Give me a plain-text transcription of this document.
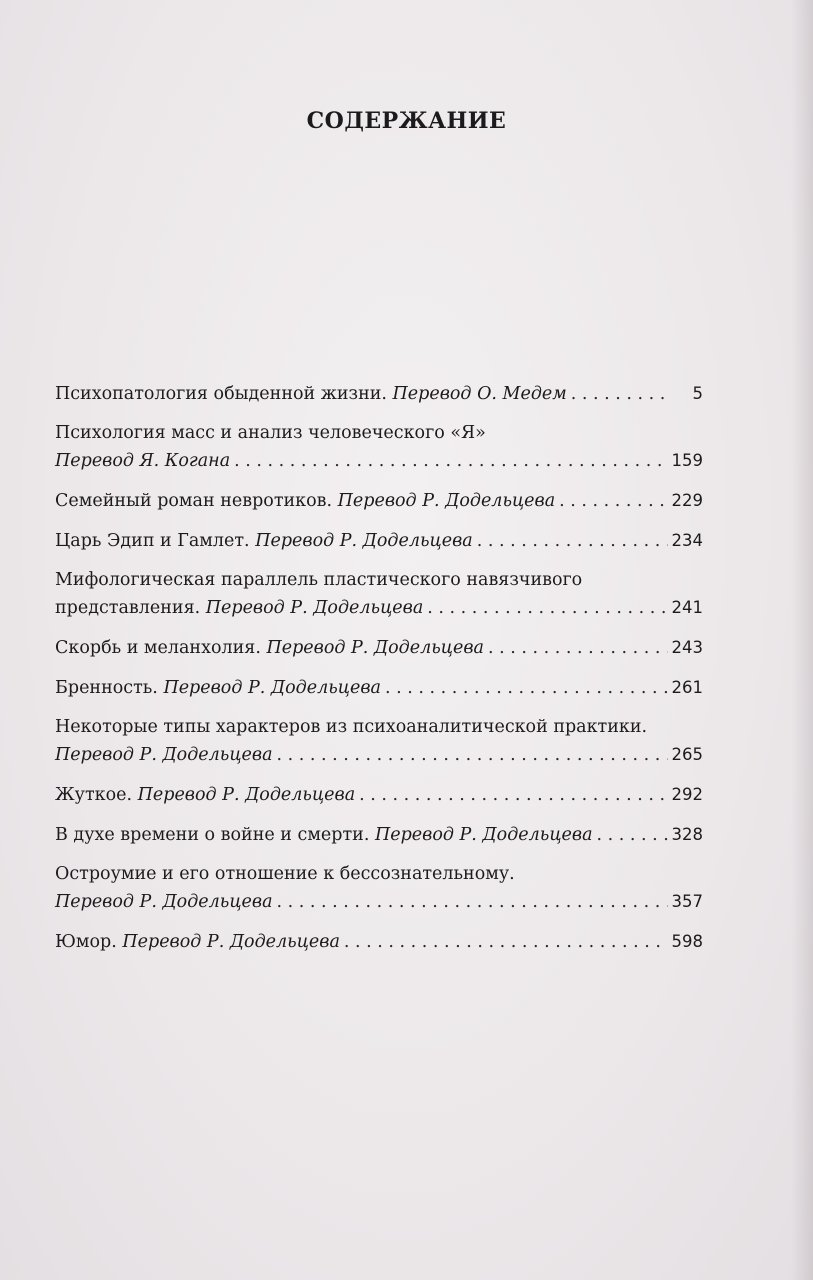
СОДЕРЖАНИЕ
Психопатология обыденной жизни.
Перевод О. Медем . . .	5
Психология масс и анализ человеческого «Я»
Перевод Я. Когана . . .	159
Семейный роман невротиков.
Перевод Р. Додельцева . . .	229
Царь Эдип и Гамлет.
Перевод Р. Додельцева . . .	234
Мифологическая параллель пластического навязчивого
представления.
Перевод Р. Додельцева . . .	241
Скорбь и меланхолия.
Перевод Р. Додельцева . . .	243
Бренность.
Перевод Р. Додельцева . . .	261
Некоторые типы характеров из психоаналитической практики.
Перевод Р. Додельцева . . .	265
Жуткое.
Перевод Р. Додельцева . . .	292
В духе времени о войне и смерти.
Перевод Р. Додельцева . . .	328
Остроумие и его отношение к бессознательному.
Перевод Р. Додельцева . . .	357
Юмор.
Перевод Р. Додельцева . . .	598
